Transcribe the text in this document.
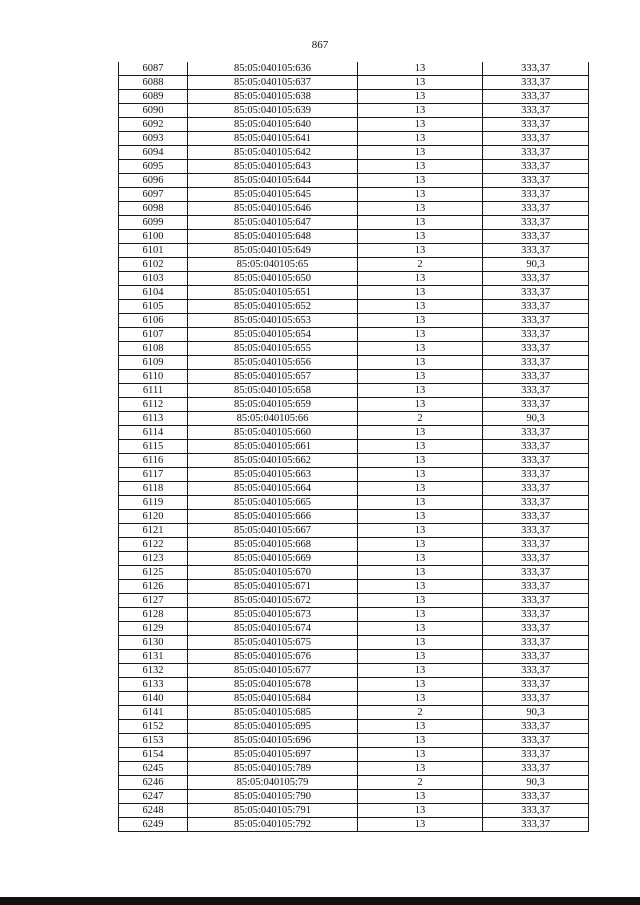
867
6087	85:05:040105:636	13	333,37
6088	85:05:040105:637	13	333,37
6089	85:05:040105:638	13	333,37
6090	85:05:040105:639	13	333,37
6092	85:05:040105:640	13	333,37
6093	85:05:040105:641	13	333,37
6094	85:05:040105:642	13	333,37
6095	85:05:040105:643	13	333,37
6096	85:05:040105:644	13	333,37
6097	85:05:040105:645	13	333,37
6098	85:05:040105:646	13	333,37
6099	85:05:040105:647	13	333,37
6100	85:05:040105:648	13	333,37
6101	85:05:040105:649	13	333,37
6102	85:05:040105:65	2	90,3
6103	85:05:040105:650	13	333,37
6104	85:05:040105:651	13	333,37
6105	85:05:040105:652	13	333,37
6106	85:05:040105:653	13	333,37
6107	85:05:040105:654	13	333,37
6108	85:05:040105:655	13	333,37
6109	85:05:040105:656	13	333,37
6110	85:05:040105:657	13	333,37
6111	85:05:040105:658	13	333,37
6112	85:05:040105:659	13	333,37
6113	85:05:040105:66	2	90,3
6114	85:05:040105:660	13	333,37
6115	85:05:040105:661	13	333,37
6116	85:05:040105:662	13	333,37
6117	85:05:040105:663	13	333,37
6118	85:05:040105:664	13	333,37
6119	85:05:040105:665	13	333,37
6120	85:05:040105:666	13	333,37
6121	85:05:040105:667	13	333,37
6122	85:05:040105:668	13	333,37
6123	85:05:040105:669	13	333,37
6125	85:05:040105:670	13	333,37
6126	85:05:040105:671	13	333,37
6127	85:05:040105:672	13	333,37
6128	85:05:040105:673	13	333,37
6129	85:05:040105:674	13	333,37
6130	85:05:040105:675	13	333,37
6131	85:05:040105:676	13	333,37
6132	85:05:040105:677	13	333,37
6133	85:05:040105:678	13	333,37
6140	85:05:040105:684	13	333,37
6141	85:05:040105:685	2	90,3
6152	85:05:040105:695	13	333,37
6153	85:05:040105:696	13	333,37
6154	85:05:040105:697	13	333,37
6245	85:05:040105:789	13	333,37
6246	85:05:040105:79	2	90,3
6247	85:05:040105:790	13	333,37
6248	85:05:040105:791	13	333,37
6249	85:05:040105:792	13	333,37
